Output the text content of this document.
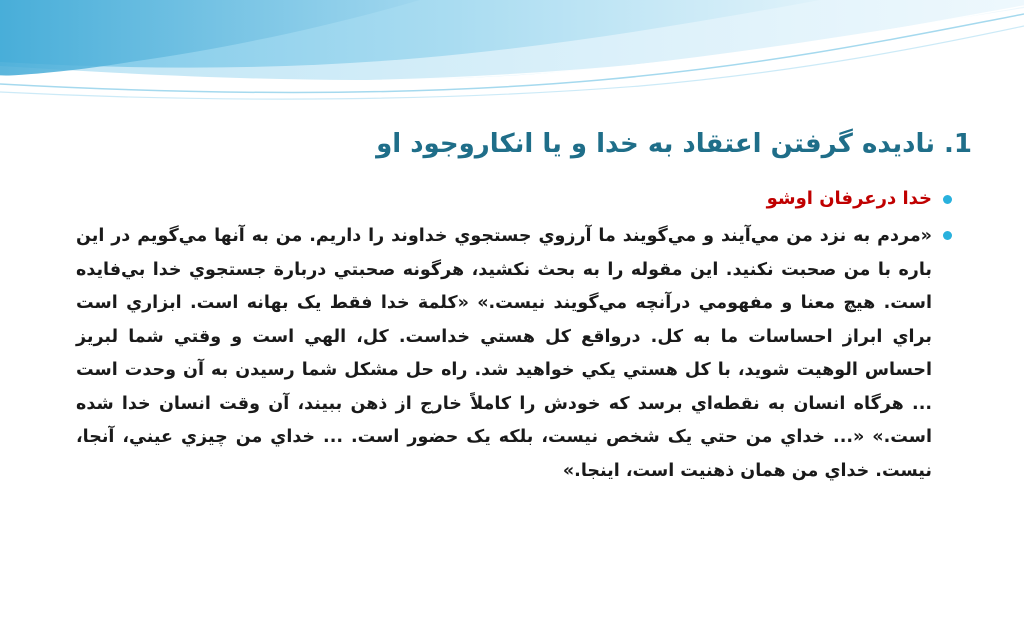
1. ناديده گرفتن اعتقاد به خدا و يا انكاروجود او
خدا درعرفان اوشو
«مردم به نزد من مي‌آيند و مي‌گويند ما آرزوي جستجوي خداوند را داريم. من به آنها مي‌گويم در اين باره با من صحبت نكنيد. اين مقوله را به بحث نكشيد، هرگونه صحبتي دربارة جستجوي خدا بي‌فايده است. هيچ معنا و مفهومي درآنچه مي‌گويند نيست.» «كلمة خدا فقط يک بهانه است. ابزاري است براي ابراز احساسات ما به كل. درواقع كل هستي خداست. كل، الهي است و وقتي شما لبريز احساس الوهيت شويد، با كل هستي يكي خواهيد شد. راه حل مشكل شما رسيدن به آن وحدت است ... هرگاه انسان به نقطه‌اي برسد كه خودش را كاملاً خارج از ذهن ببيند، آن وقت انسان خدا شده است.» «... خداي من حتي يک شخص نيست، بلكه يک حضور است. ... خداي من چيزي عيني، آنجا، نيست. خداي من همان ذهنيت است، اينجا.»
